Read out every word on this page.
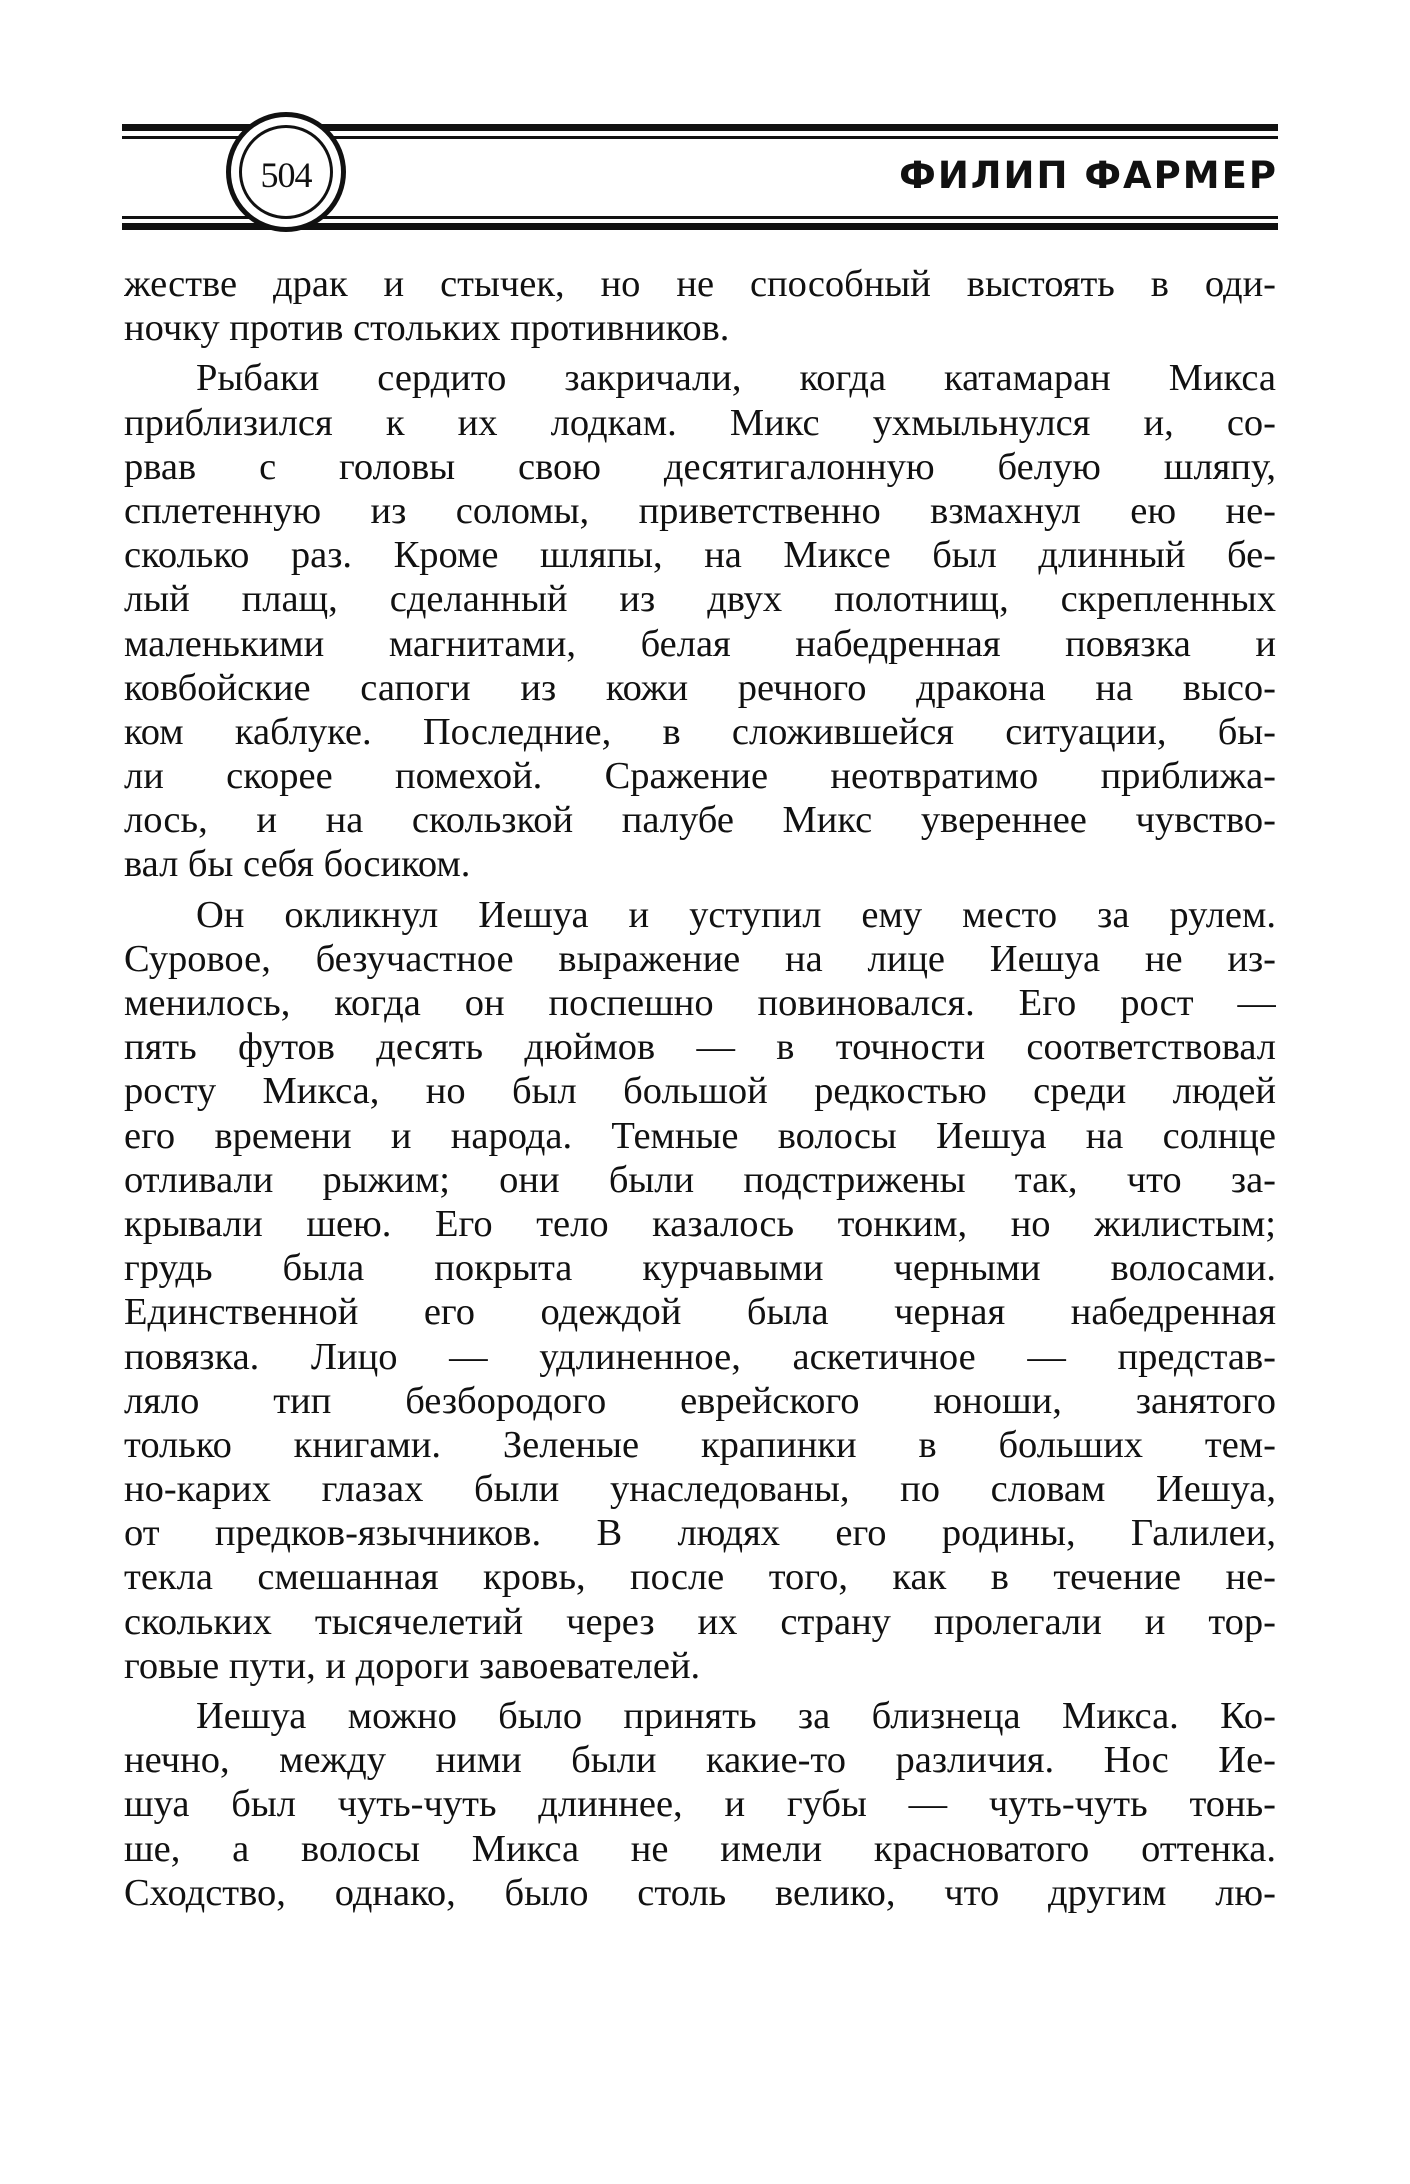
504	ФИЛИП ФАРМЕР
жестве драк и стычек, но не способный выстоять в оди-
ночку против стольких противников.
Рыбаки сердито закричали, когда катамаран Микса
приблизился к их лодкам. Микс ухмыльнулся и, со-
рвав с головы свою десятигалонную белую шляпу,
сплетенную из соломы, приветственно взмахнул ею не-
сколько раз. Кроме шляпы, на Миксе был длинный бе-
лый плащ, сделанный из двух полотнищ, скрепленных
маленькими магнитами, белая набедренная повязка и
ковбойские сапоги из кожи речного дракона на высо-
ком каблуке. Последние, в сложившейся ситуации, бы-
ли скорее помехой. Сражение неотвратимо приближа-
лось, и на скользкой палубе Микс увереннее чувство-
вал бы себя босиком.
Он окликнул Иешуа и уступил ему место за рулем.
Суровое, безучастное выражение на лице Иешуа не из-
менилось, когда он поспешно повиновался. Его рост —
пять футов десять дюймов — в точности соответствовал
росту Микса, но был большой редкостью среди людей
его времени и народа. Темные волосы Иешуа на солнце
отливали рыжим; они были подстрижены так, что за-
крывали шею. Его тело казалось тонким, но жилистым;
грудь была покрыта курчавыми черными волосами.
Единственной его одеждой была черная набедренная
повязка. Лицо — удлиненное, аскетичное — представ-
ляло тип безбородого еврейского юноши, занятого
только книгами. Зеленые крапинки в больших тем-
но-карих глазах были унаследованы, по словам Иешуа,
от предков-язычников. В людях его родины, Галилеи,
текла смешанная кровь, после того, как в течение не-
скольких тысячелетий через их страну пролегали и тор-
говые пути, и дороги завоевателей.
Иешуа можно было принять за близнеца Микса. Ко-
нечно, между ними были какие-то различия. Нос Ие-
шуа был чуть-чуть длиннее, и губы — чуть-чуть тонь-
ше, а волосы Микса не имели красноватого оттенка.
Сходство, однако, было столь велико, что другим лю-
